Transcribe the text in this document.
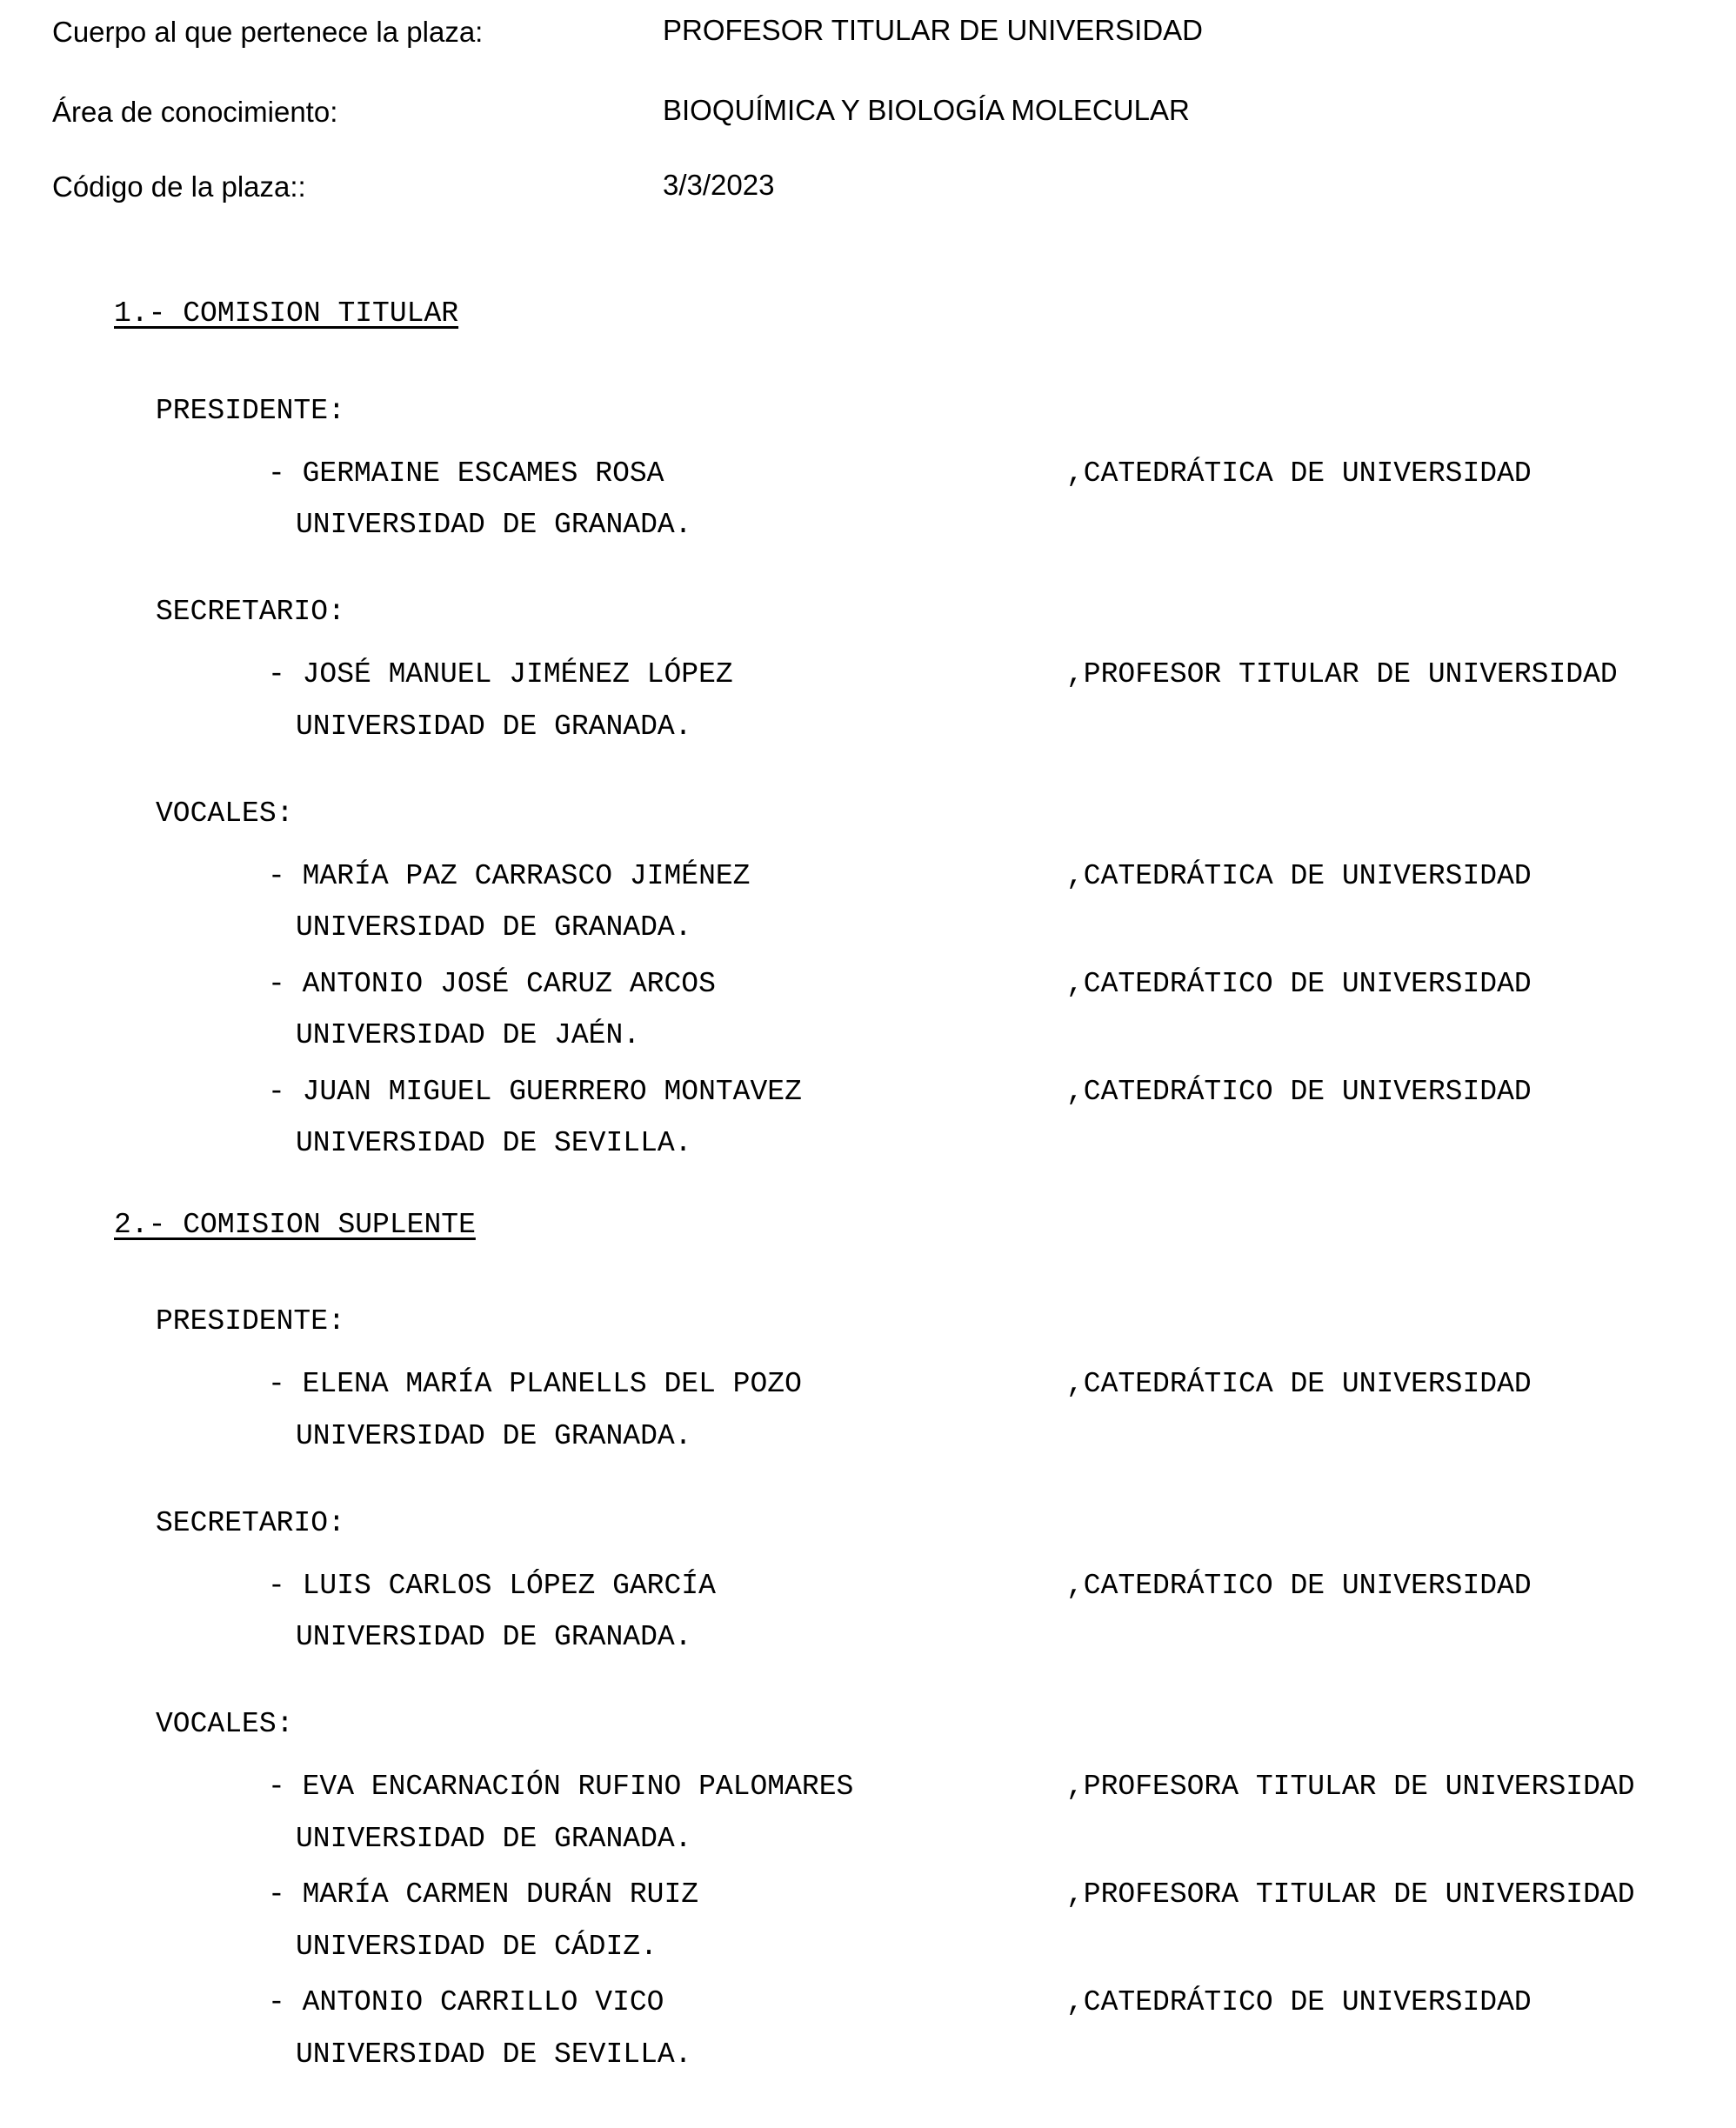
Cuerpo al que pertenece la plaza:	PROFESOR TITULAR DE UNIVERSIDAD
Área de conocimiento:	BIOQUÍMICA Y BIOLOGÍA MOLECULAR
Código de la plaza::	3/3/2023
1.- COMISION TITULAR
PRESIDENTE:
- GERMAINE ESCAMES ROSA	,CATEDRÁTICA DE UNIVERSIDAD
UNIVERSIDAD DE GRANADA.
SECRETARIO:
- JOSÉ MANUEL JIMÉNEZ LÓPEZ	,PROFESOR TITULAR DE UNIVERSIDAD
UNIVERSIDAD DE GRANADA.
VOCALES:
- MARÍA PAZ CARRASCO JIMÉNEZ	,CATEDRÁTICA DE UNIVERSIDAD
UNIVERSIDAD DE GRANADA.
- ANTONIO JOSÉ CARUZ ARCOS	,CATEDRÁTICO DE UNIVERSIDAD
UNIVERSIDAD DE JAÉN.
- JUAN MIGUEL GUERRERO MONTAVEZ	,CATEDRÁTICO DE UNIVERSIDAD
UNIVERSIDAD DE SEVILLA.
2.- COMISION SUPLENTE
PRESIDENTE:
- ELENA MARÍA PLANELLS DEL POZO	,CATEDRÁTICA DE UNIVERSIDAD
UNIVERSIDAD DE GRANADA.
SECRETARIO:
- LUIS CARLOS LÓPEZ GARCÍA	,CATEDRÁTICO DE UNIVERSIDAD
UNIVERSIDAD DE GRANADA.
VOCALES:
- EVA ENCARNACIÓN RUFINO PALOMARES	,PROFESORA TITULAR DE UNIVERSIDAD
UNIVERSIDAD DE GRANADA.
- MARÍA CARMEN DURÁN RUIZ	,PROFESORA TITULAR DE UNIVERSIDAD
UNIVERSIDAD DE CÁDIZ.
- ANTONIO CARRILLO VICO	,CATEDRÁTICO DE UNIVERSIDAD
UNIVERSIDAD DE SEVILLA.
